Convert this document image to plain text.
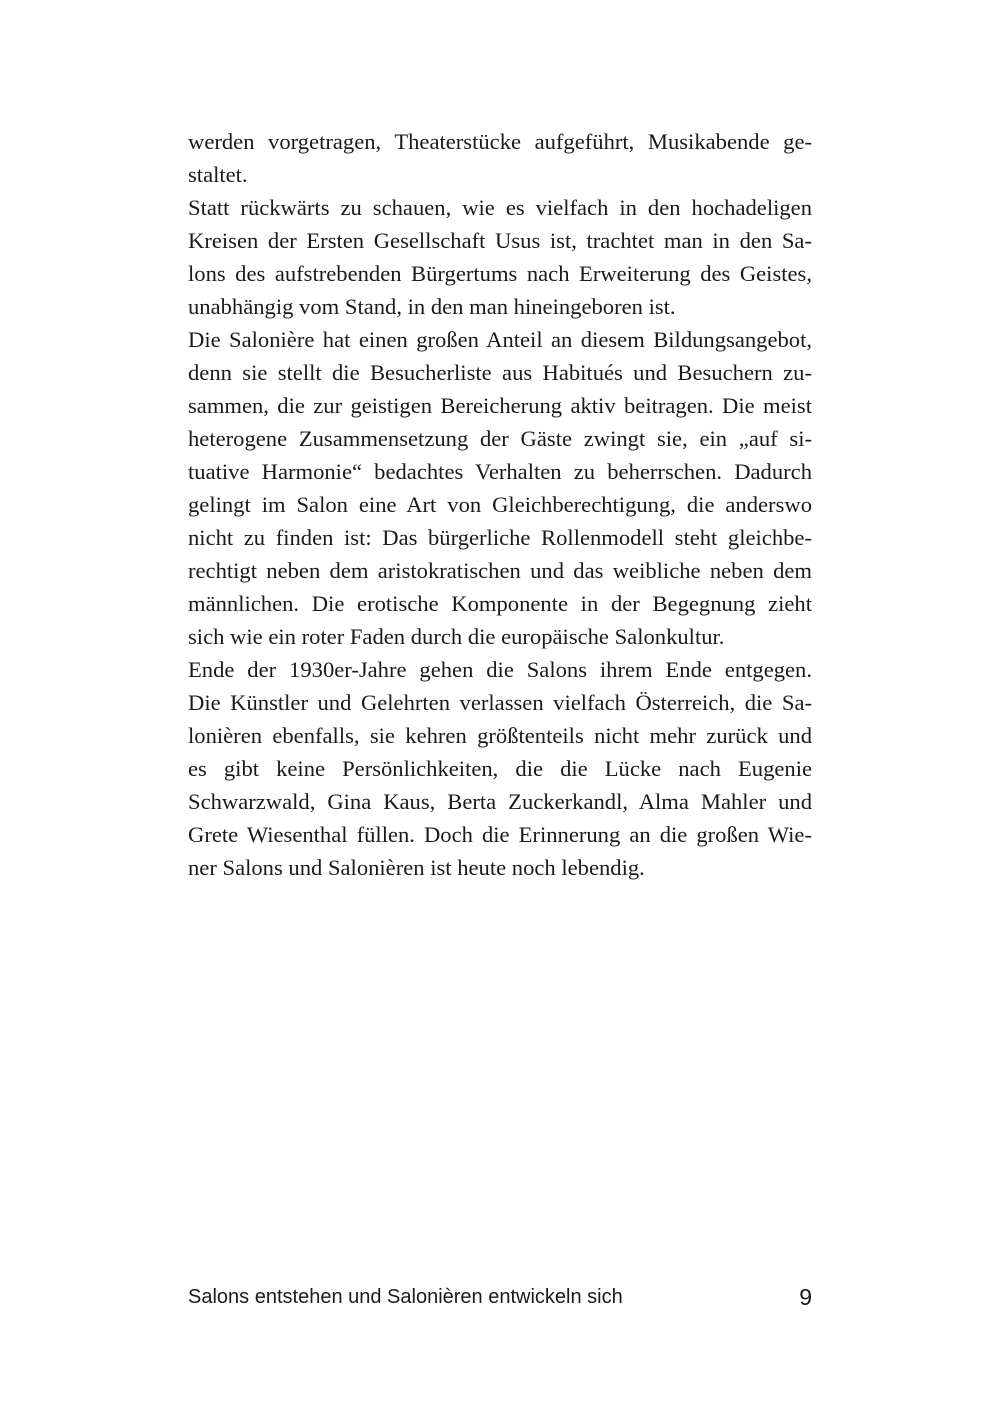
werden vorgetragen, Theaterstücke aufgeführt, Musikabende ge-
staltet.
Statt rückwärts zu schauen, wie es vielfach in den hochadeligen
Kreisen der Ersten Gesellschaft Usus ist, trachtet man in den Sa-
lons des aufstrebenden Bürgertums nach Erweiterung des Geistes,
unabhängig vom Stand, in den man hineingeboren ist.
Die Salonière hat einen großen Anteil an diesem Bildungsangebot,
denn sie stellt die Besucherliste aus Habitués und Besuchern zu-
sammen, die zur geistigen Bereicherung aktiv beitragen. Die meist
heterogene Zusammensetzung der Gäste zwingt sie, ein „auf si-
tuative Harmonie“ bedachtes Verhalten zu beherrschen. Dadurch
gelingt im Salon eine Art von Gleichberechtigung, die anderswo
nicht zu finden ist: Das bürgerliche Rollenmodell steht gleichbe-
rechtigt neben dem aristokratischen und das weibliche neben dem
männlichen. Die erotische Komponente in der Begegnung zieht
sich wie ein roter Faden durch die europäische Salonkultur.
Ende der 1930er-Jahre gehen die Salons ihrem Ende entgegen.
Die Künstler und Gelehrten verlassen vielfach Österreich, die Sa-
lonièren ebenfalls, sie kehren größtenteils nicht mehr zurück und
es gibt keine Persönlichkeiten, die die Lücke nach Eugenie
Schwarzwald, Gina Kaus, Berta Zuckerkandl, Alma Mahler und
Grete Wiesenthal füllen. Doch die Erinnerung an die großen Wie-
ner Salons und Salonièren ist heute noch lebendig.
Salons entstehen und Salonièren entwickeln sich	9
